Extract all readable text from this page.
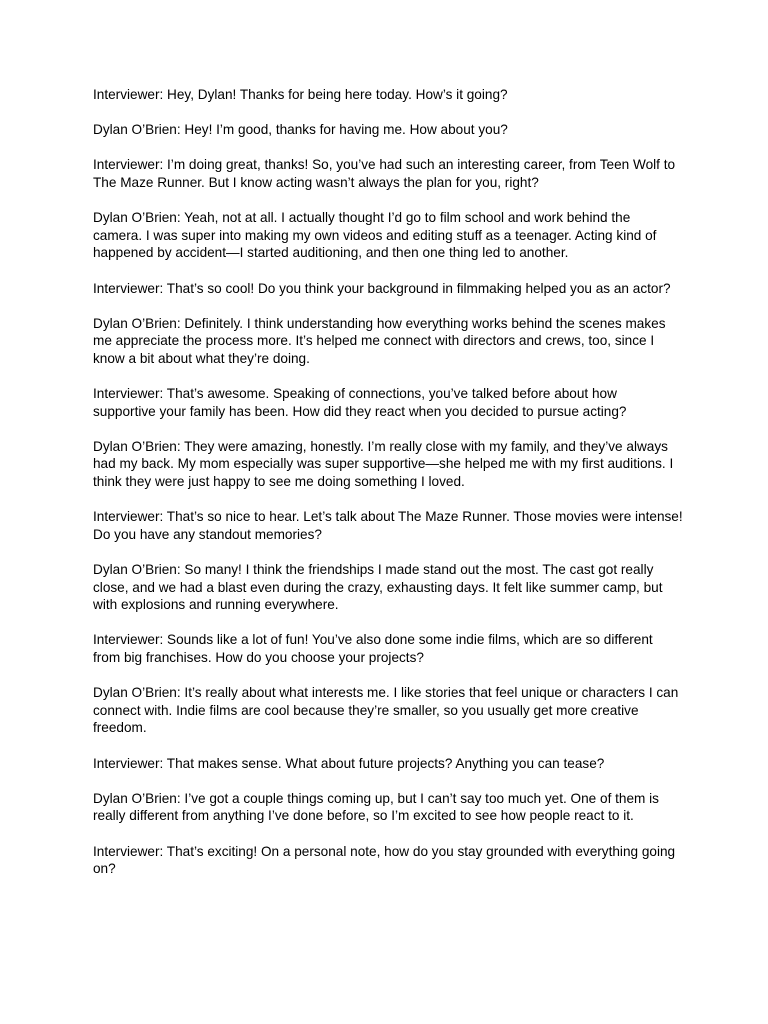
Interviewer: Hey, Dylan! Thanks for being here today. How’s it going?

Dylan O’Brien: Hey! I’m good, thanks for having me. How about you?

Interviewer: I’m doing great, thanks! So, you’ve had such an interesting career, from Teen Wolf to The Maze Runner. But I know acting wasn’t always the plan for you, right?

Dylan O’Brien: Yeah, not at all. I actually thought I’d go to film school and work behind the camera. I was super into making my own videos and editing stuff as a teenager. Acting kind of happened by accident—I started auditioning, and then one thing led to another.

Interviewer: That’s so cool! Do you think your background in filmmaking helped you as an actor?

Dylan O’Brien: Definitely. I think understanding how everything works behind the scenes makes me appreciate the process more. It’s helped me connect with directors and crews, too, since I know a bit about what they’re doing.

Interviewer: That’s awesome. Speaking of connections, you’ve talked before about how supportive your family has been. How did they react when you decided to pursue acting?

Dylan O’Brien: They were amazing, honestly. I’m really close with my family, and they’ve always had my back. My mom especially was super supportive—she helped me with my first auditions. I think they were just happy to see me doing something I loved.

Interviewer: That’s so nice to hear. Let’s talk about The Maze Runner. Those movies were intense! Do you have any standout memories?

Dylan O’Brien: So many! I think the friendships I made stand out the most. The cast got really close, and we had a blast even during the crazy, exhausting days. It felt like summer camp, but with explosions and running everywhere.

Interviewer: Sounds like a lot of fun! You’ve also done some indie films, which are so different from big franchises. How do you choose your projects?

Dylan O’Brien: It’s really about what interests me. I like stories that feel unique or characters I can connect with. Indie films are cool because they’re smaller, so you usually get more creative freedom.

Interviewer: That makes sense. What about future projects? Anything you can tease?

Dylan O’Brien: I’ve got a couple things coming up, but I can’t say too much yet. One of them is really different from anything I’ve done before, so I’m excited to see how people react to it.

Interviewer: That’s exciting! On a personal note, how do you stay grounded with everything going on?
